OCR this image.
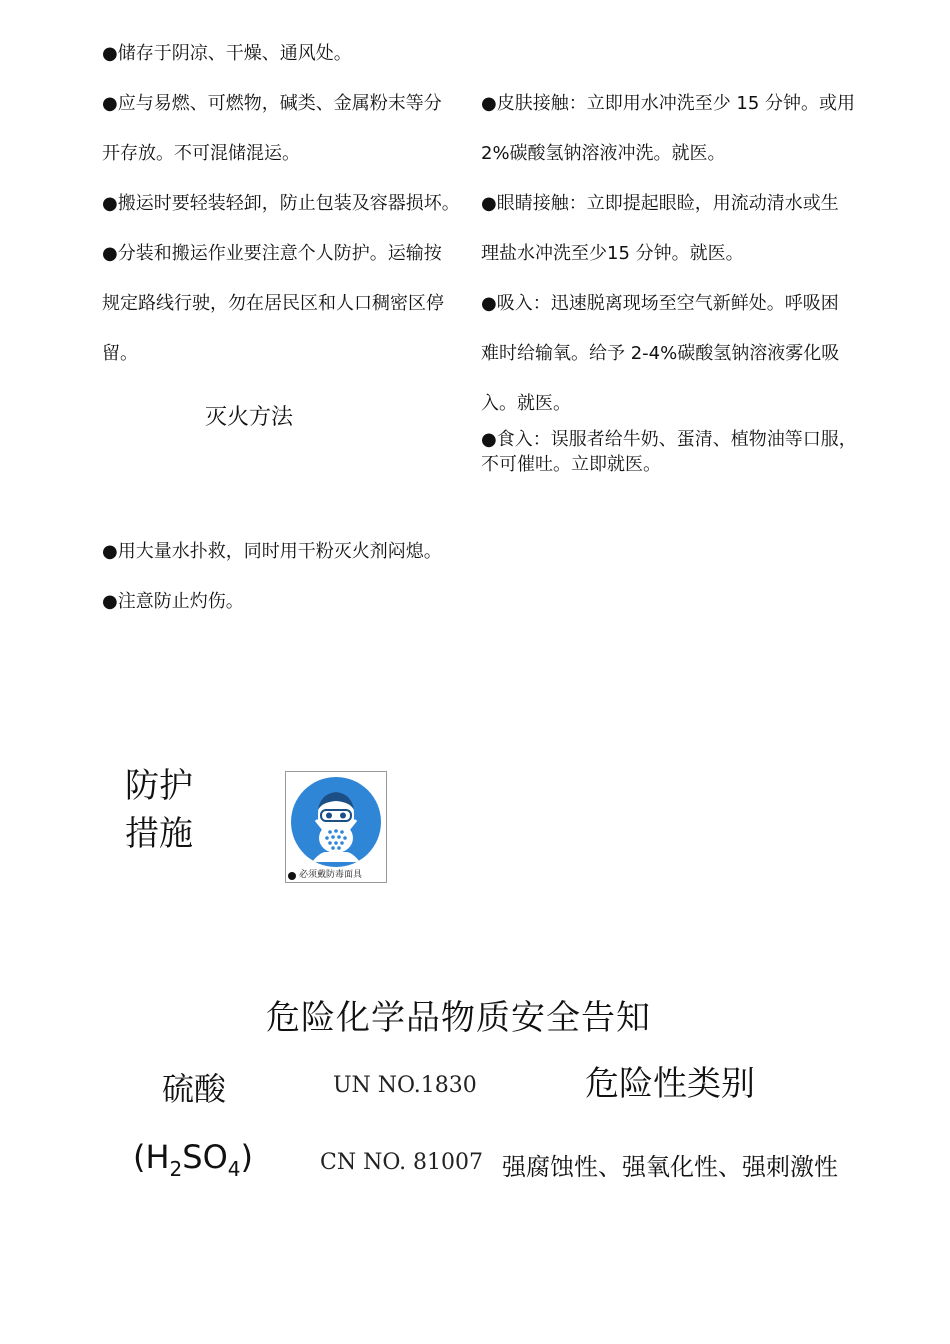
●储存于阴凉、干燥、通风处。
●应与易燃、可燃物，碱类、金属粉末等分
开存放。不可混储混运。
●搬运时要轻装轻卸，防止包装及容器损坏。
●分装和搬运作业要注意个人防护。运输按
规定路线行驶，勿在居民区和人口稠密区停
留。
灭火方法
●用大量水扑救，同时用干粉灭火剂闷熄。
●注意防止灼伤。
●皮肤接触：立即用水冲洗至少 15 分钟。或用
2%碳酸氢钠溶液冲洗。就医。
●眼睛接触：立即提起眼睑，用流动清水或生
理盐水冲洗至少15 分钟。就医。
●吸入：迅速脱离现场至空气新鲜处。呼吸困
难时给输氧。给予 2-4%碳酸氢钠溶液雾化吸
入。就医。
●食入：误服者给牛奶、蛋清、植物油等口服，
不可催吐。立即就医。
防护
措施
必须戴防毒面具
危险化学品物质安全告知
硫酸
$(H_2SO_4)$
UN NO.1830
CN NO. 81007
危险性类别
强腐蚀性、强氧化性、强刺激性
